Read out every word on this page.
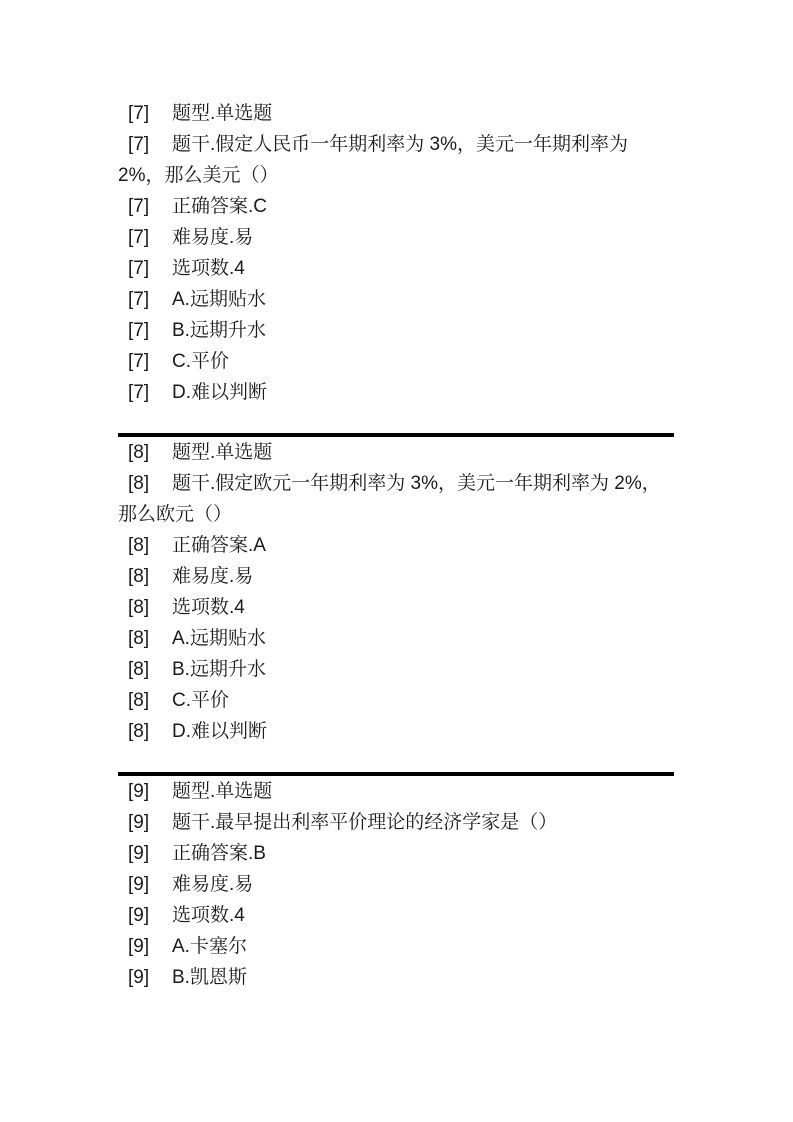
[7] 题型.单选题

[7] 题干.假定人民币一年期利率为 3%，美元一年期利率为 2%，那么美元（）

[7] 正确答案.C

[7] 难易度.易

[7] 选项数.4

[7] A.远期贴水

[7] B.远期升水

[7] C.平价

[7] D.难以判断

[8] 题型.单选题

[8] 题干.假定欧元一年期利率为 3%，美元一年期利率为 2%，那么欧元（）

[8] 正确答案.A

[8] 难易度.易

[8] 选项数.4

[8] A.远期贴水

[8] B.远期升水

[8] C.平价

[8] D.难以判断

[9] 题型.单选题

[9] 题干.最早提出利率平价理论的经济学家是（）

[9] 正确答案.B

[9] 难易度.易

[9] 选项数.4

[9] A.卡塞尔

[9] B.凯恩斯
